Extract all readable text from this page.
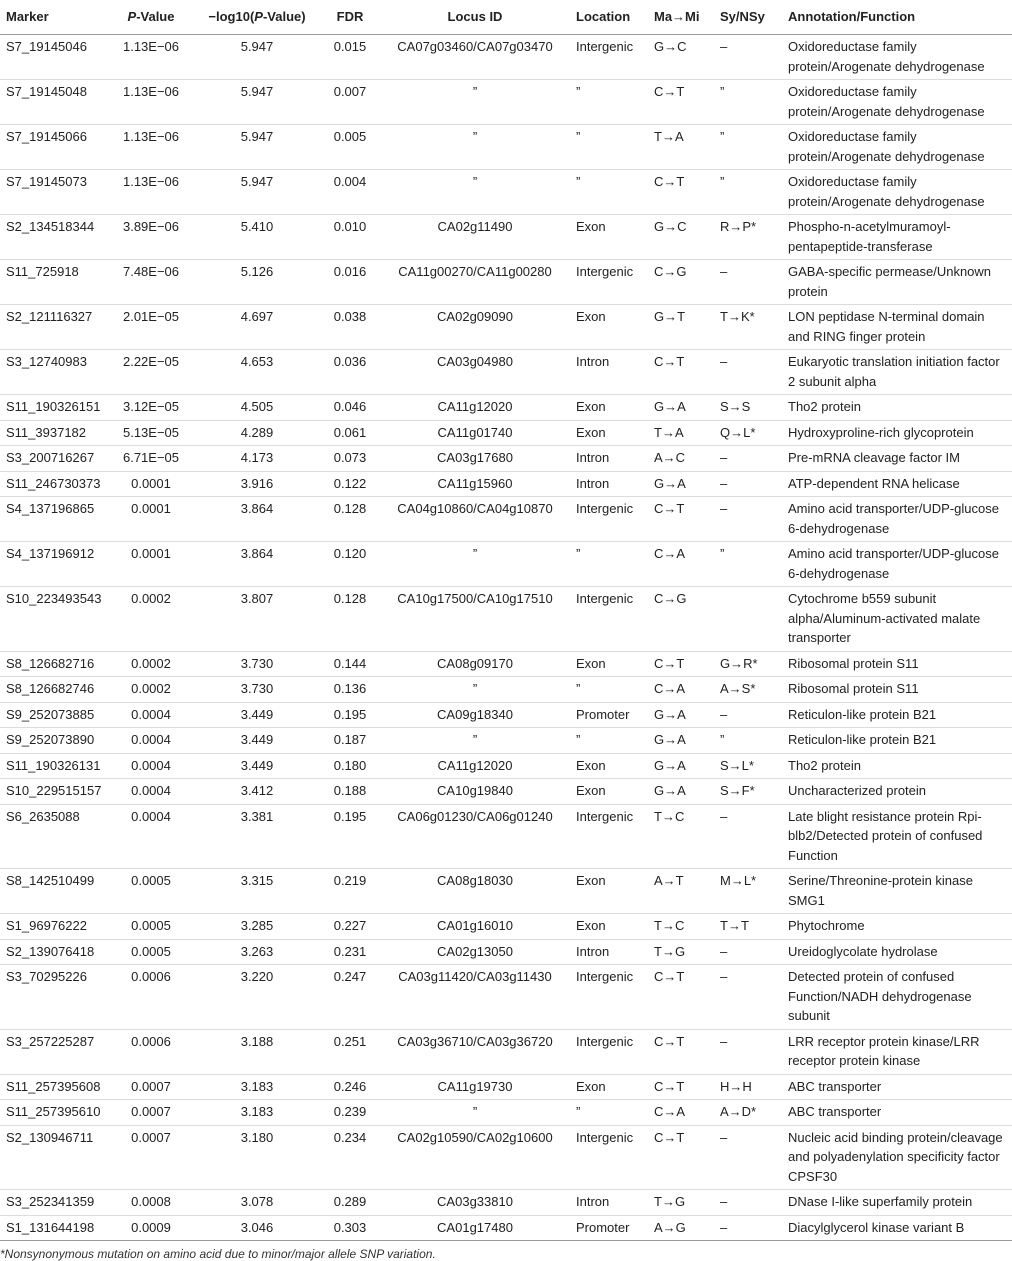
Marker	P-Value	−log10(P-Value)	FDR	Locus ID	Location	Ma→Mi	Sy/NSy	Annotation/Function
S7_19145046	1.13E−06	5.947	0.015	CA07g03460/CA07g03470	Intergenic	G→C	–	Oxidoreductase family protein/Arogenate dehydrogenase
S7_19145048	1.13E−06	5.947	0.007	”	”	C→T	”	Oxidoreductase family protein/Arogenate dehydrogenase
S7_19145066	1.13E−06	5.947	0.005	”	”	T→A	”	Oxidoreductase family protein/Arogenate dehydrogenase
S7_19145073	1.13E−06	5.947	0.004	”	”	C→T	”	Oxidoreductase family protein/Arogenate dehydrogenase
S2_134518344	3.89E−06	5.410	0.010	CA02g11490	Exon	G→C	R→P*	Phospho-n-acetylmuramoyl-pentapeptide-transferase
S11_725918	7.48E−06	5.126	0.016	CA11g00270/CA11g00280	Intergenic	C→G	–	GABA-specific permease/Unknown protein
S2_121116327	2.01E−05	4.697	0.038	CA02g09090	Exon	G→T	T→K*	LON peptidase N-terminal domain and RING finger protein
S3_12740983	2.22E−05	4.653	0.036	CA03g04980	Intron	C→T	–	Eukaryotic translation initiation factor 2 subunit alpha
S11_190326151	3.12E−05	4.505	0.046	CA11g12020	Exon	G→A	S→S	Tho2 protein
S11_3937182	5.13E−05	4.289	0.061	CA11g01740	Exon	T→A	Q→L*	Hydroxyproline-rich glycoprotein
S3_200716267	6.71E−05	4.173	0.073	CA03g17680	Intron	A→C	–	Pre-mRNA cleavage factor IM
S11_246730373	0.0001	3.916	0.122	CA11g15960	Intron	G→A	–	ATP-dependent RNA helicase
S4_137196865	0.0001	3.864	0.128	CA04g10860/CA04g10870	Intergenic	C→T	–	Amino acid transporter/UDP-glucose 6-dehydrogenase
S4_137196912	0.0001	3.864	0.120	”	”	C→A	”	Amino acid transporter/UDP-glucose 6-dehydrogenase
S10_223493543	0.0002	3.807	0.128	CA10g17500/CA10g17510	Intergenic	C→G		Cytochrome b559 subunit alpha/Aluminum-activated malate transporter
S8_126682716	0.0002	3.730	0.144	CA08g09170	Exon	C→T	G→R*	Ribosomal protein S11
S8_126682746	0.0002	3.730	0.136	”	”	C→A	A→S*	Ribosomal protein S11
S9_252073885	0.0004	3.449	0.195	CA09g18340	Promoter	G→A	–	Reticulon-like protein B21
S9_252073890	0.0004	3.449	0.187	”	”	G→A	”	Reticulon-like protein B21
S11_190326131	0.0004	3.449	0.180	CA11g12020	Exon	G→A	S→L*	Tho2 protein
S10_229515157	0.0004	3.412	0.188	CA10g19840	Exon	G→A	S→F*	Uncharacterized protein
S6_2635088	0.0004	3.381	0.195	CA06g01230/CA06g01240	Intergenic	T→C	–	Late blight resistance protein Rpi-blb2/Detected protein of confused Function
S8_142510499	0.0005	3.315	0.219	CA08g18030	Exon	A→T	M→L*	Serine/Threonine-protein kinase SMG1
S1_96976222	0.0005	3.285	0.227	CA01g16010	Exon	T→C	T→T	Phytochrome
S2_139076418	0.0005	3.263	0.231	CA02g13050	Intron	T→G	–	Ureidoglycolate hydrolase
S3_70295226	0.0006	3.220	0.247	CA03g11420/CA03g11430	Intergenic	C→T	–	Detected protein of confused Function/NADH dehydrogenase subunit
S3_257225287	0.0006	3.188	0.251	CA03g36710/CA03g36720	Intergenic	C→T	–	LRR receptor protein kinase/LRR receptor protein kinase
S11_257395608	0.0007	3.183	0.246	CA11g19730	Exon	C→T	H→H	ABC transporter
S11_257395610	0.0007	3.183	0.239	”	”	C→A	A→D*	ABC transporter
S2_130946711	0.0007	3.180	0.234	CA02g10590/CA02g10600	Intergenic	C→T	–	Nucleic acid binding protein/cleavage and polyadenylation specificity factor CPSF30
S3_252341359	0.0008	3.078	0.289	CA03g33810	Intron	T→G	–	DNase I-like superfamily protein
S1_131644198	0.0009	3.046	0.303	CA01g17480	Promoter	A→G	–	Diacylglycerol kinase variant B
*Nonsynonymous mutation on amino acid due to minor/major allele SNP variation.
